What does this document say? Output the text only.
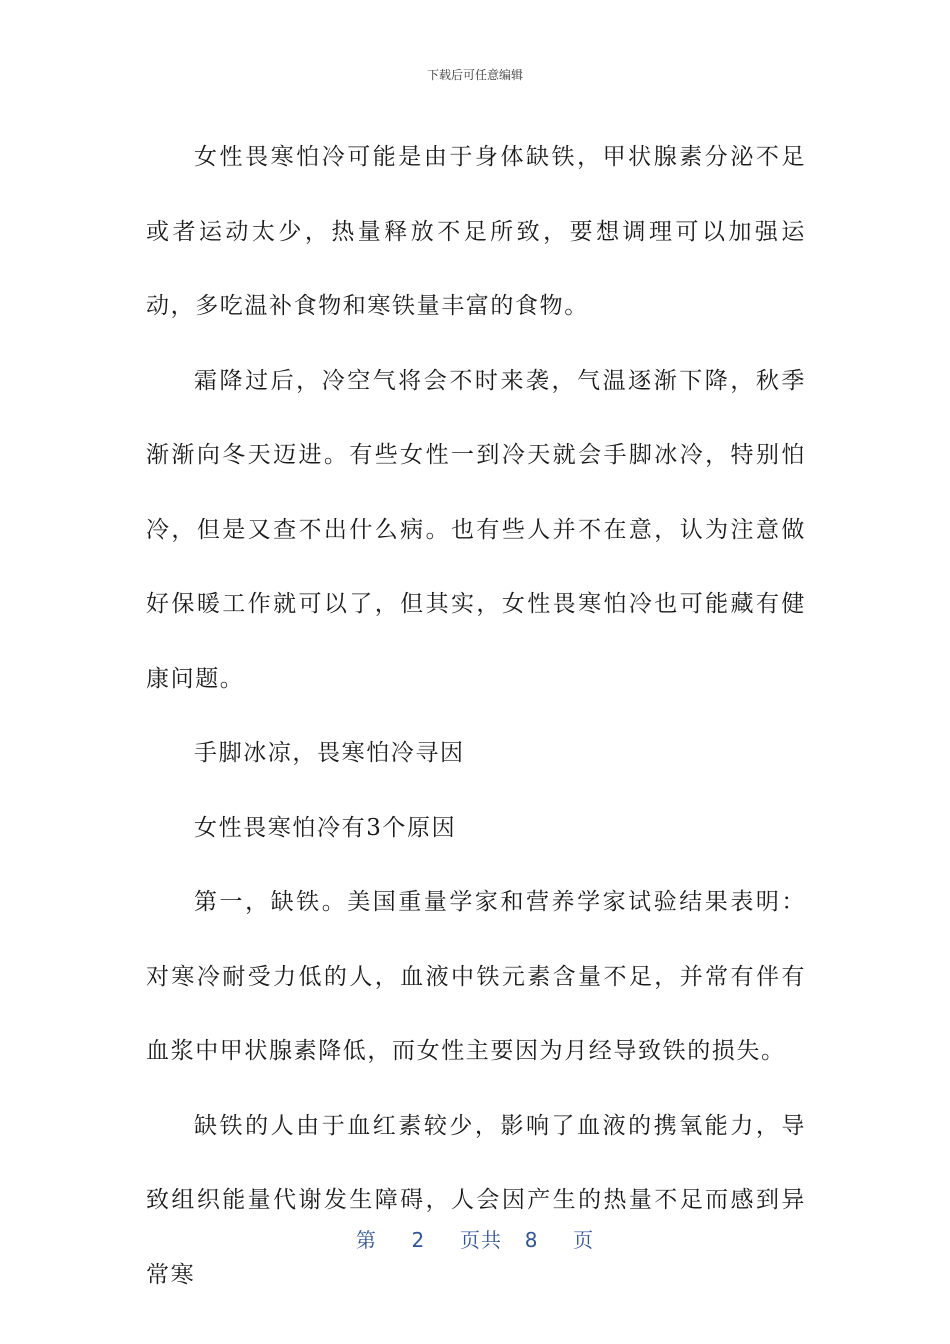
下载后可任意编辑

女性畏寒怕冷可能是由于身体缺铁，甲状腺素分泌不足或者运动太少，热量释放不足所致，要想调理可以加强运动，多吃温补食物和寒铁量丰富的食物。

霜降过后，冷空气将会不时来袭，气温逐渐下降，秋季渐渐向冬天迈进。有些女性一到冷天就会手脚冰冷，特别怕冷，但是又查不出什么病。也有些人并不在意，认为注意做好保暖工作就可以了，但其实，女性畏寒怕冷也可能藏有健康问题。

手脚冰凉，畏寒怕冷寻因

女性畏寒怕冷有3个原因

第一，缺铁。美国重量学家和营养学家试验结果表明：对寒冷耐受力低的人，血液中铁元素含量不足，并常有伴有血浆中甲状腺素降低，而女性主要因为月经导致铁的损失。

缺铁的人由于血红素较少，影响了血液的携氧能力，导致组织能量代谢发生障碍，人会因产生的热量不足而感到异常寒

第 2 页共 8 页
